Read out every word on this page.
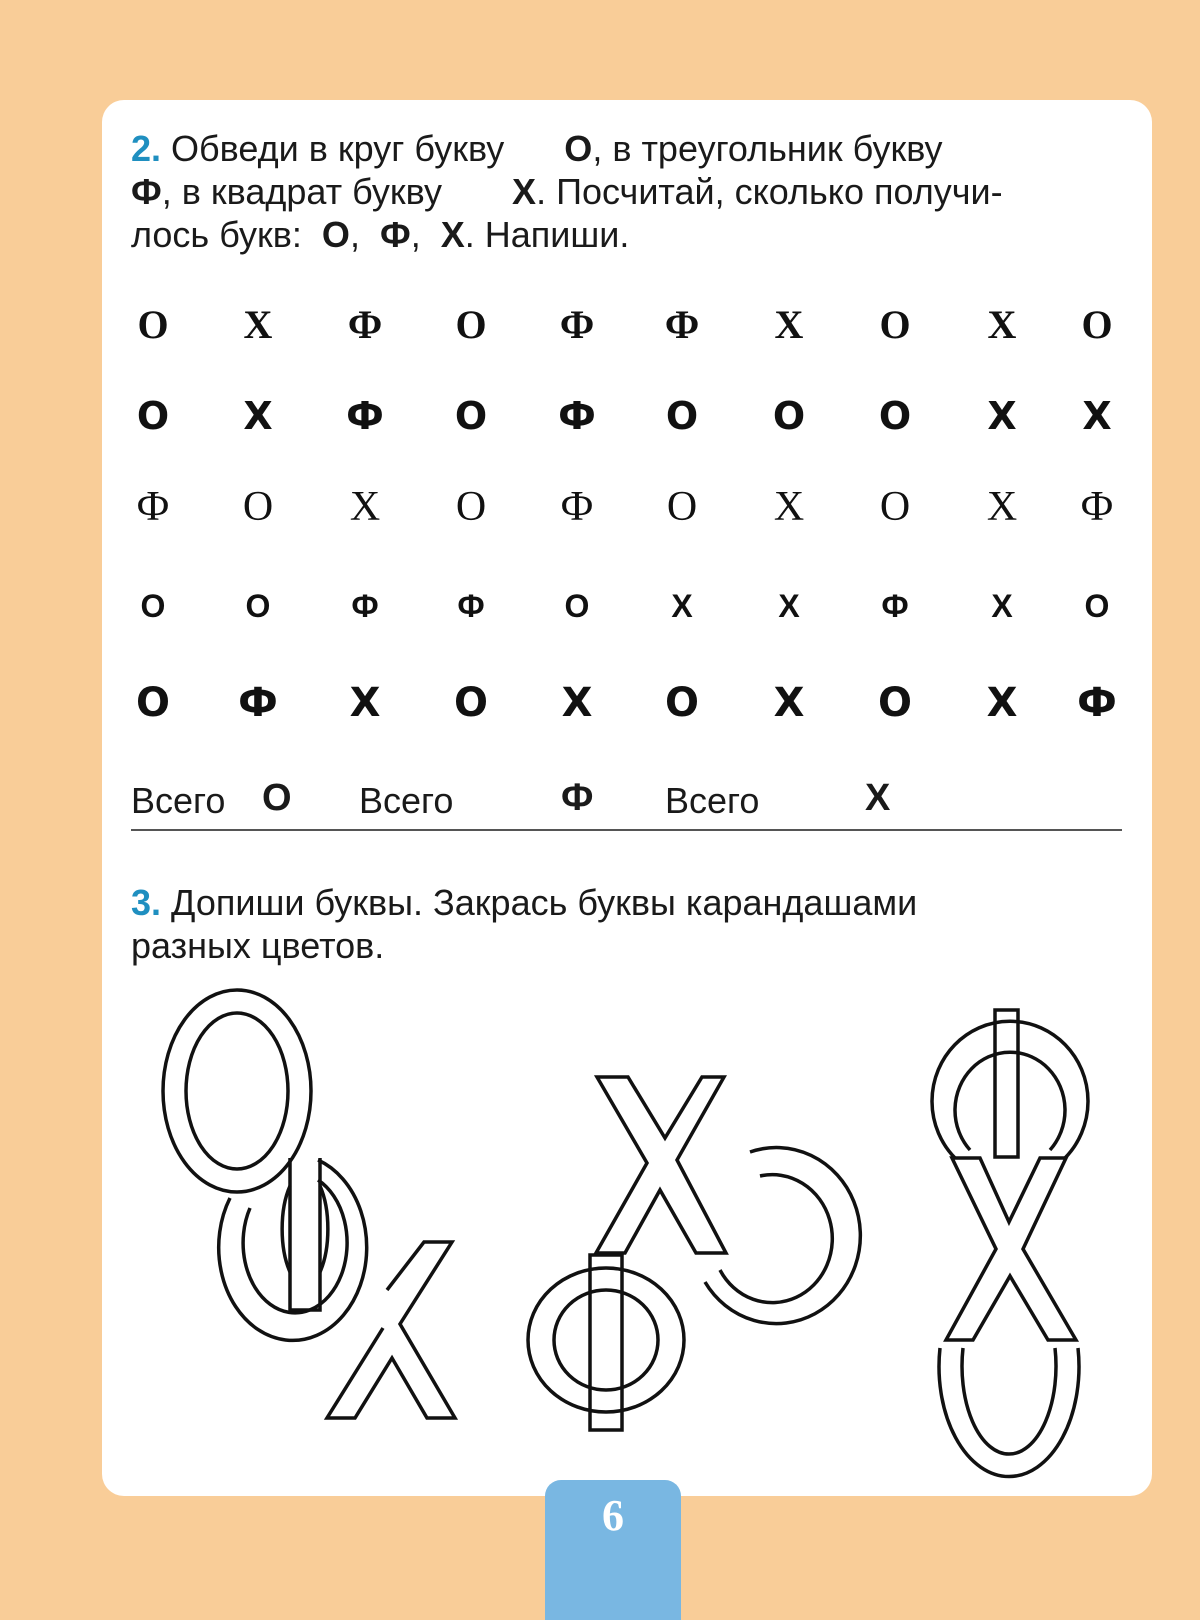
2. Обведи в круг букву О, в треугольник букву
Ф, в квадрат букву Х. Посчитай, сколько получи-
лось букв: О, Ф, Х. Напиши.

О	Х	Ф	О	Ф	Ф	Х	О	Х	О
О	Х	Ф	О	Ф	О	О	О	Х	Х
Ф	О	Х	О	Ф	О	Х	О	Х	Ф
О	О	Ф	Ф	О	Х	Х	Ф	Х	О
О	Ф	Х	О	Х	О	Х	О	Х	Ф
Всего О Всего	Ф Всего	Х

3. Допиши буквы. Закрась буквы карандашами
разных цветов.

6
